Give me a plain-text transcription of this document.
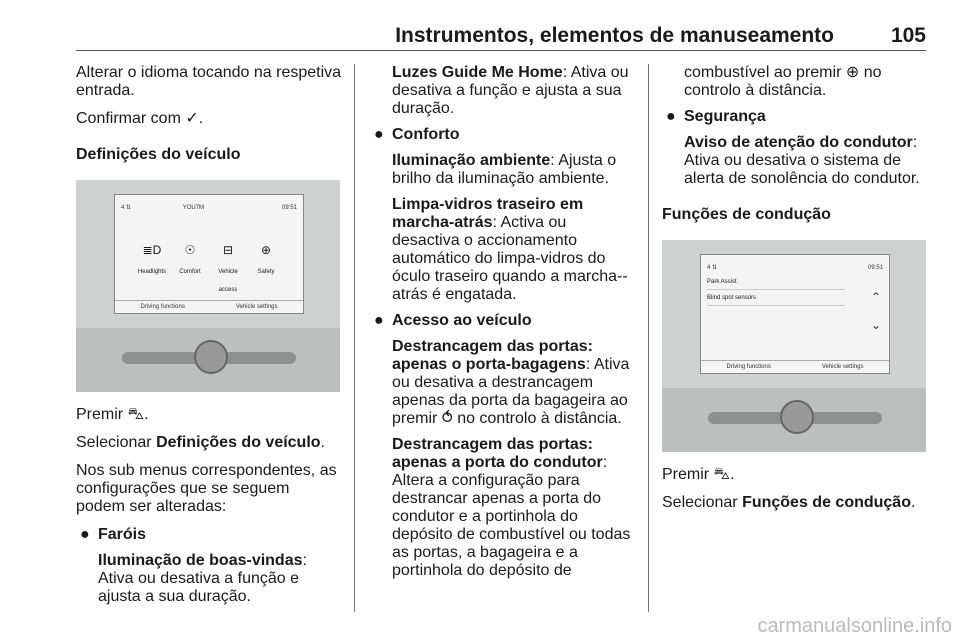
Instrumentos, elementos de manuseamento	105

Alterar o idioma tocando na respetiva entrada.

Confirmar com ✓.

Definições do veículo
4 ⇅	YOU7M	09:51
≣D
Headlights
☉
Comfort
⊟
Vehicle access
⊕
Safety
Driving functions	Vehicle settings

Premir ⛍.

Selecionar Definições do veículo.

Nos sub menus correspondentes, as configurações que se seguem podem ser alteradas:

● Faróis
Iluminação de boas-vindas: Ativa ou desativa a função e ajusta a sua duração.
Luzes Guide Me Home: Ativa ou desativa a função e ajusta a sua duração.
● Conforto
Iluminação ambiente: Ajusta o brilho da iluminação ambiente.
Limpa-vidros traseiro em marcha-atrás: Activa ou desactiva o accionamento automático do limpa-vidros do óculo traseiro quando a marcha--atrás é engatada.
● Acesso ao veículo
Destrancagem das portas: apenas o porta-bagagens: Ativa ou desativa a destrancagem apenas da porta da bagageira ao premir ⥀ no controlo à distância.
Destrancagem das portas: apenas a porta do condutor: Altera a configuração para destrancar apenas a porta do condutor e a portinhola do depósito de combustível ou todas as portas, a bagageira e a portinhola do depósito de
combustível ao premir ⊕ no controlo à distância.
● Segurança
Aviso de atenção do condutor: Ativa ou desativa o sistema de alerta de sonolência do condutor.
Funções de condução
4 ⇅	09:51
Park Assist
Blind spot sensors	⌃
⌄
Driving functions	Vehicle settings

Premir ⛍.

Selecionar Funções de condução.

carmanualsonline.info
